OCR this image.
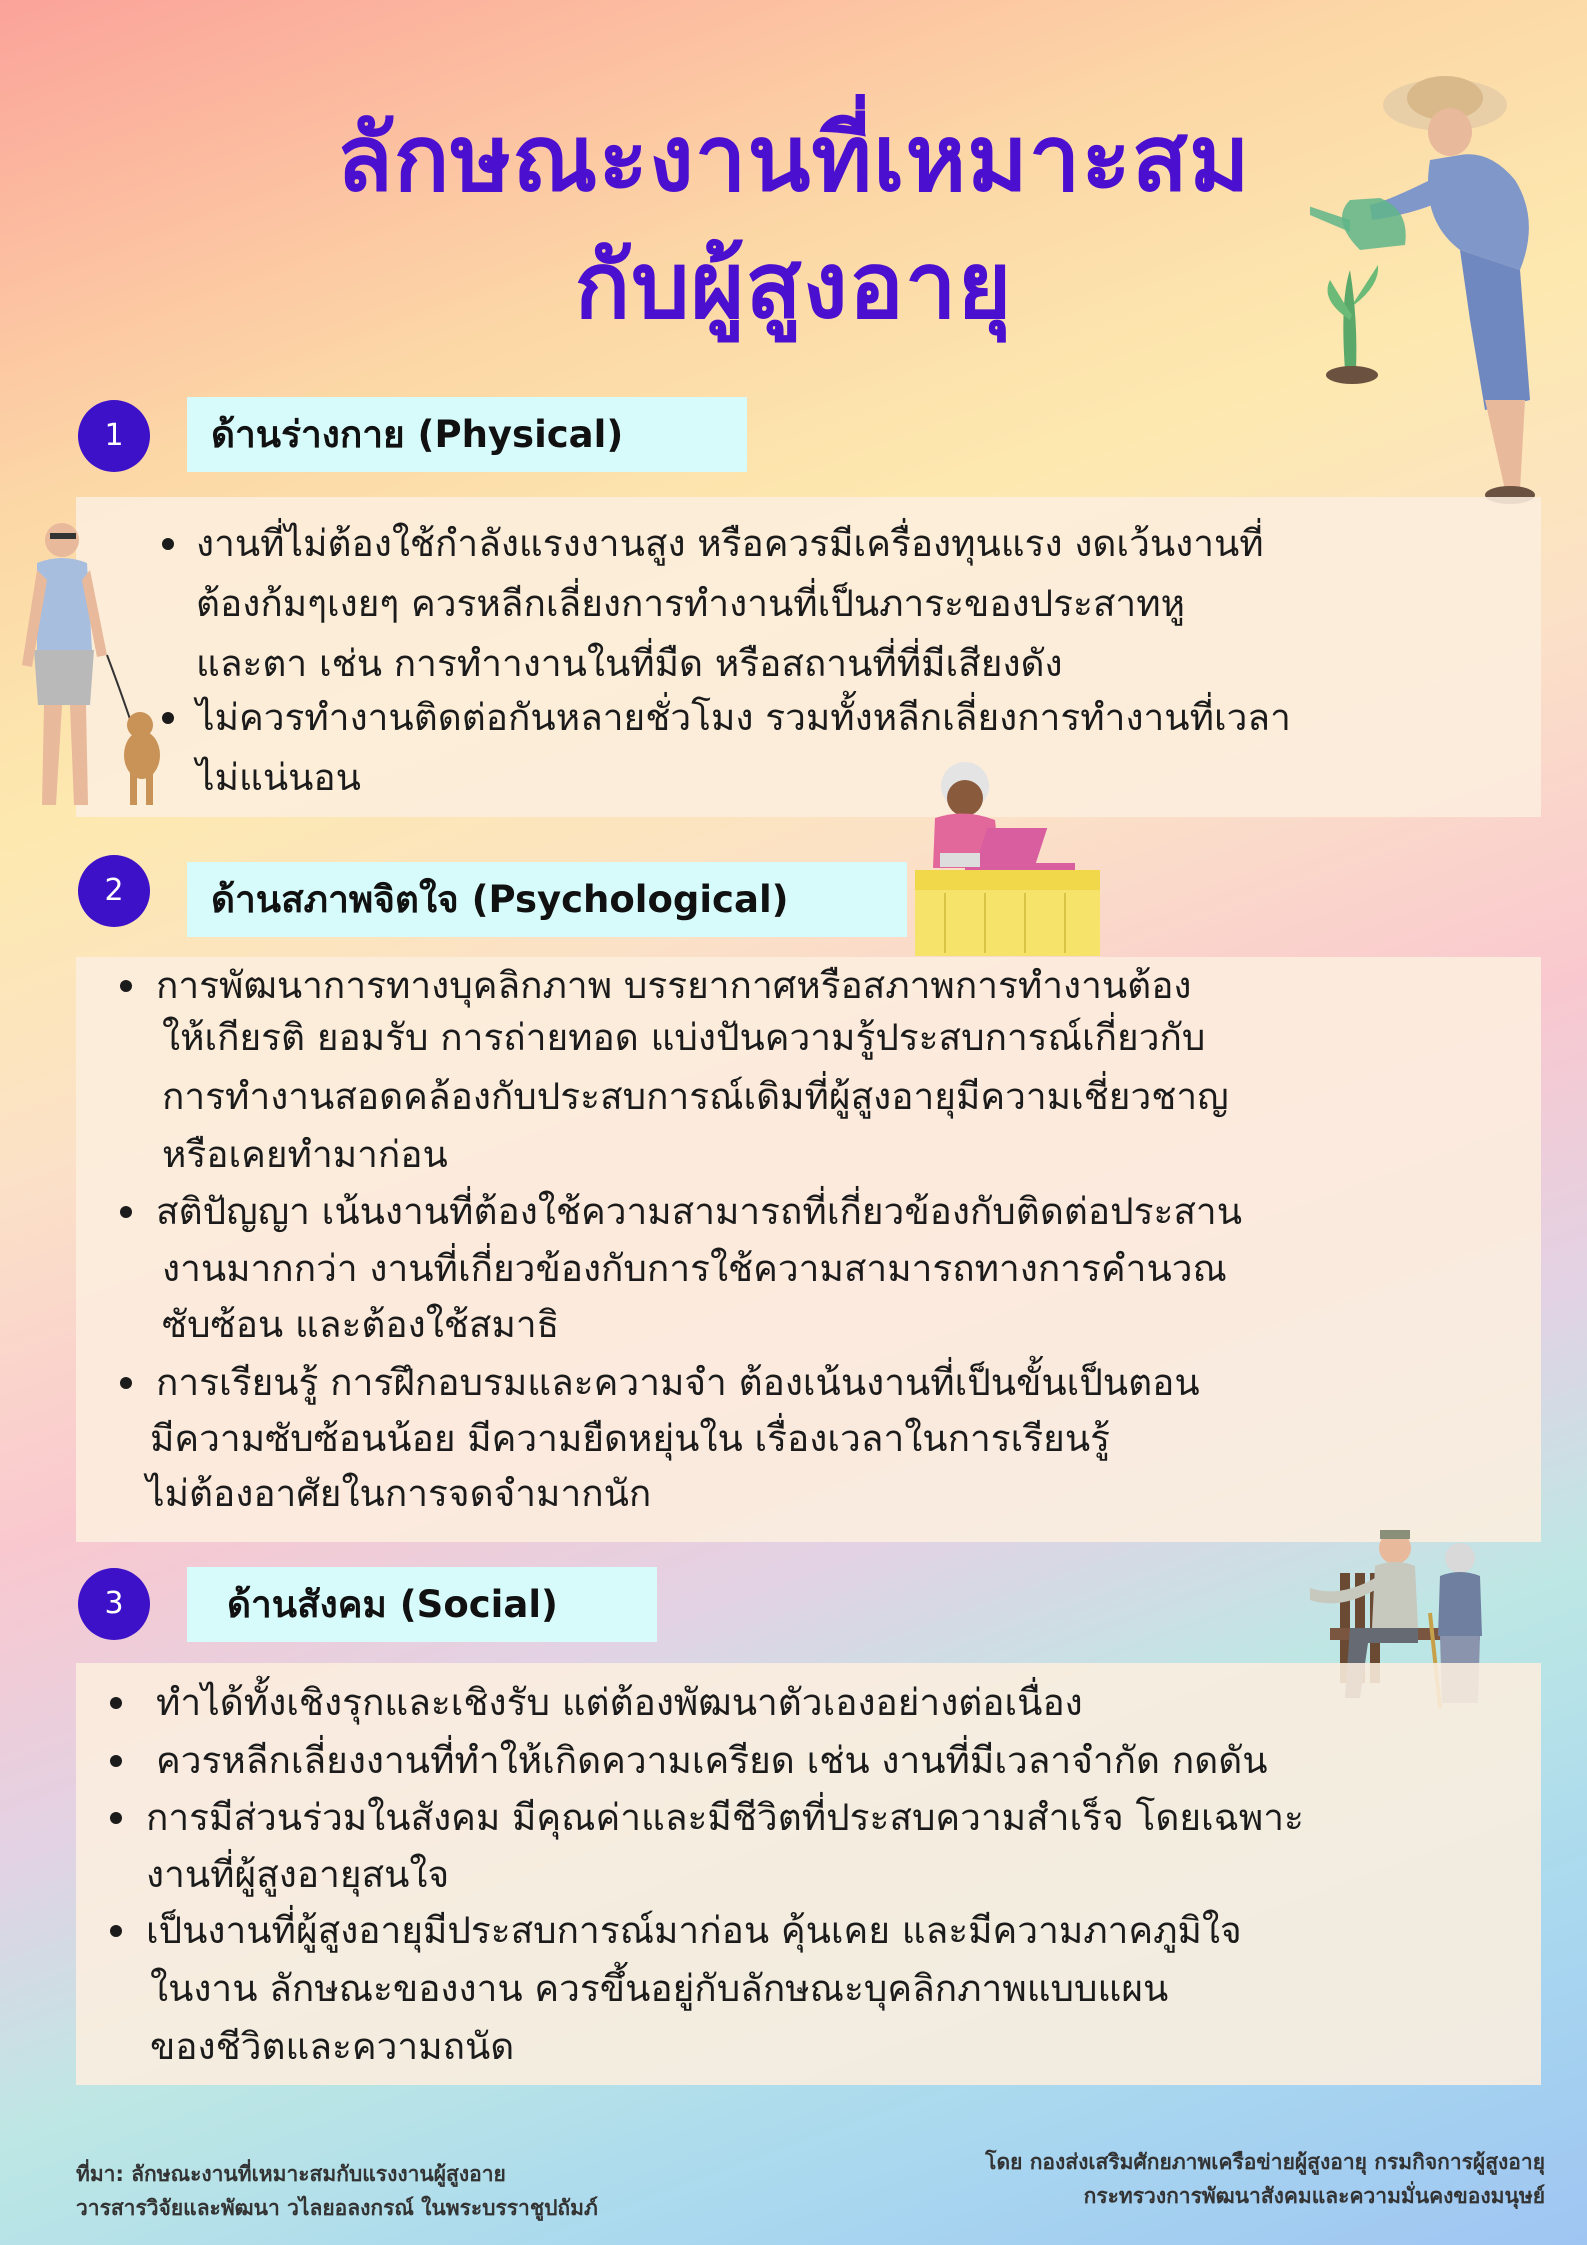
ลักษณะงานที่เหมาะสม
กับผู้สูงอายุ
1	ด้านร่างกาย (Physical)
งานที่ไม่ต้องใช้กำลังแรงงานสูง หรือควรมีเครื่องทุนแรง งดเว้นงานที่
ต้องก้มๆเงยๆ ควรหลีกเลี่ยงการทำงานที่เป็นภาระของประสาทหู
และตา เช่น การทำางานในที่มืด หรือสถานที่ที่มีเสียงดัง
ไม่ควรทำงานติดต่อกันหลายชั่วโมง รวมทั้งหลีกเลี่ยงการทำงานที่เวลา
ไม่แน่นอน
2	ด้านสภาพจิตใจ (Psychological)
การพัฒนาการทางบุคลิกภาพ บรรยากาศหรือสภาพการทำงานต้อง
ให้เกียรติ ยอมรับ การถ่ายทอด แบ่งปันความรู้ประสบการณ์เกี่ยวกับ
การทำงานสอดคล้องกับประสบการณ์เดิมที่ผู้สูงอายุมีความเชี่ยวชาญ
หรือเคยทำมาก่อน
สติปัญญา เน้นงานที่ต้องใช้ความสามารถที่เกี่ยวข้องกับติดต่อประสาน
งานมากกว่า งานที่เกี่ยวข้องกับการใช้ความสามารถทางการคำนวณ
ซับซ้อน และต้องใช้สมาธิ
การเรียนรู้ การฝึกอบรมและความจำ ต้องเน้นงานที่เป็นขั้นเป็นตอน
มีความซับซ้อนน้อย มีความยืดหยุ่นใน เรื่องเวลาในการเรียนรู้
ไม่ต้องอาศัยในการจดจำมากนัก
3	ด้านสังคม (Social)
ทำได้ทั้งเชิงรุกและเชิงรับ แต่ต้องพัฒนาตัวเองอย่างต่อเนื่อง
ควรหลีกเลี่ยงงานที่ทำให้เกิดความเครียด เช่น งานที่มีเวลาจำกัด กดดัน
การมีส่วนร่วมในสังคม มีคุณค่าและมีชีวิตที่ประสบความสำเร็จ โดยเฉพาะ
งานที่ผู้สูงอายุสนใจ
เป็นงานที่ผู้สูงอายุมีประสบการณ์มาก่อน คุ้นเคย และมีความภาคภูมิใจ
ในงาน ลักษณะของงาน ควรขึ้นอยู่กับลักษณะบุคลิกภาพแบบแผน
ของชีวิตและความถนัด
ที่มา: ลักษณะงานที่เหมาะสมกับแรงงานผู้สูงอาย
วารสารวิจัยและพัฒนา วไลยอลงกรณ์ ในพระบรราชูปถัมภ์
โดย กองส่งเสริมศักยภาพเครือข่ายผู้สูงอายุ กรมกิจการผู้สูงอายุ
กระทรวงการพัฒนาสังคมและความมั่นคงของมนุษย์
